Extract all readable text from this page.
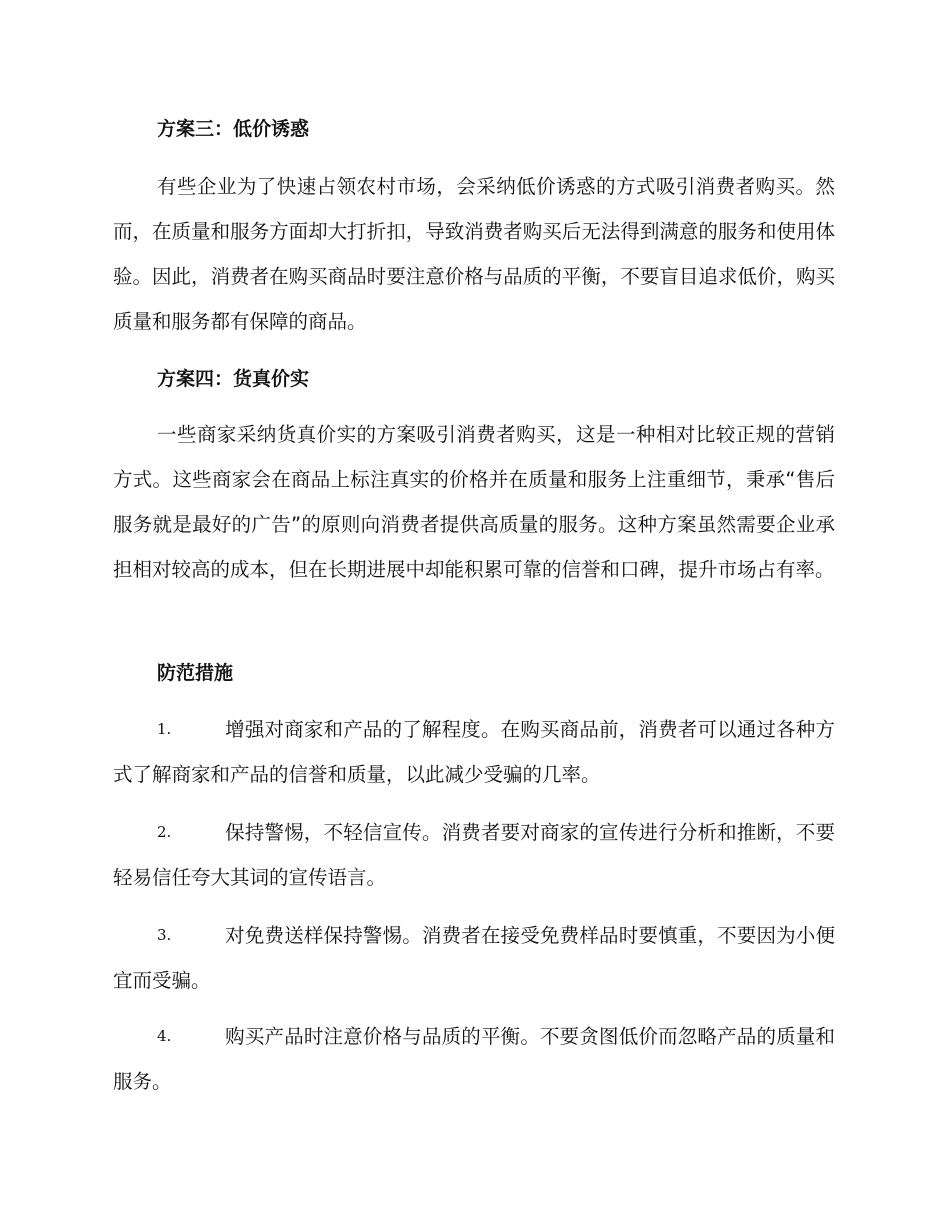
方案三：低价诱惑

有些企业为了快速占领农村市场，会采纳低价诱惑的方式吸引消费者购买。然而，在质量和服务方面却大打折扣，导致消费者购买后无法得到满意的服务和使用体验。因此，消费者在购买商品时要注意价格与品质的平衡，不要盲目追求低价，购买质量和服务都有保障的商品。

方案四：货真价实

一些商家采纳货真价实的方案吸引消费者购买，这是一种相对比较正规的营销方式。这些商家会在商品上标注真实的价格并在质量和服务上注重细节，秉承“售后服务就是最好的广告”的原则向消费者提供高质量的服务。这种方案虽然需要企业承担相对较高的成本，但在长期进展中却能积累可靠的信誉和口碑，提升市场占有率。

防范措施
1.	增强对商家和产品的了解程度。在购买商品前，消费者可以通过各种方式了解商家和产品的信誉和质量，以此减少受骗的几率。
2.	保持警惕，不轻信宣传。消费者要对商家的宣传进行分析和推断，不要轻易信任夸大其词的宣传语言。
3.	对免费送样保持警惕。消费者在接受免费样品时要慎重，不要因为小便宜而受骗。
4.	购买产品时注意价格与品质的平衡。不要贪图低价而忽略产品的质量和服务。
